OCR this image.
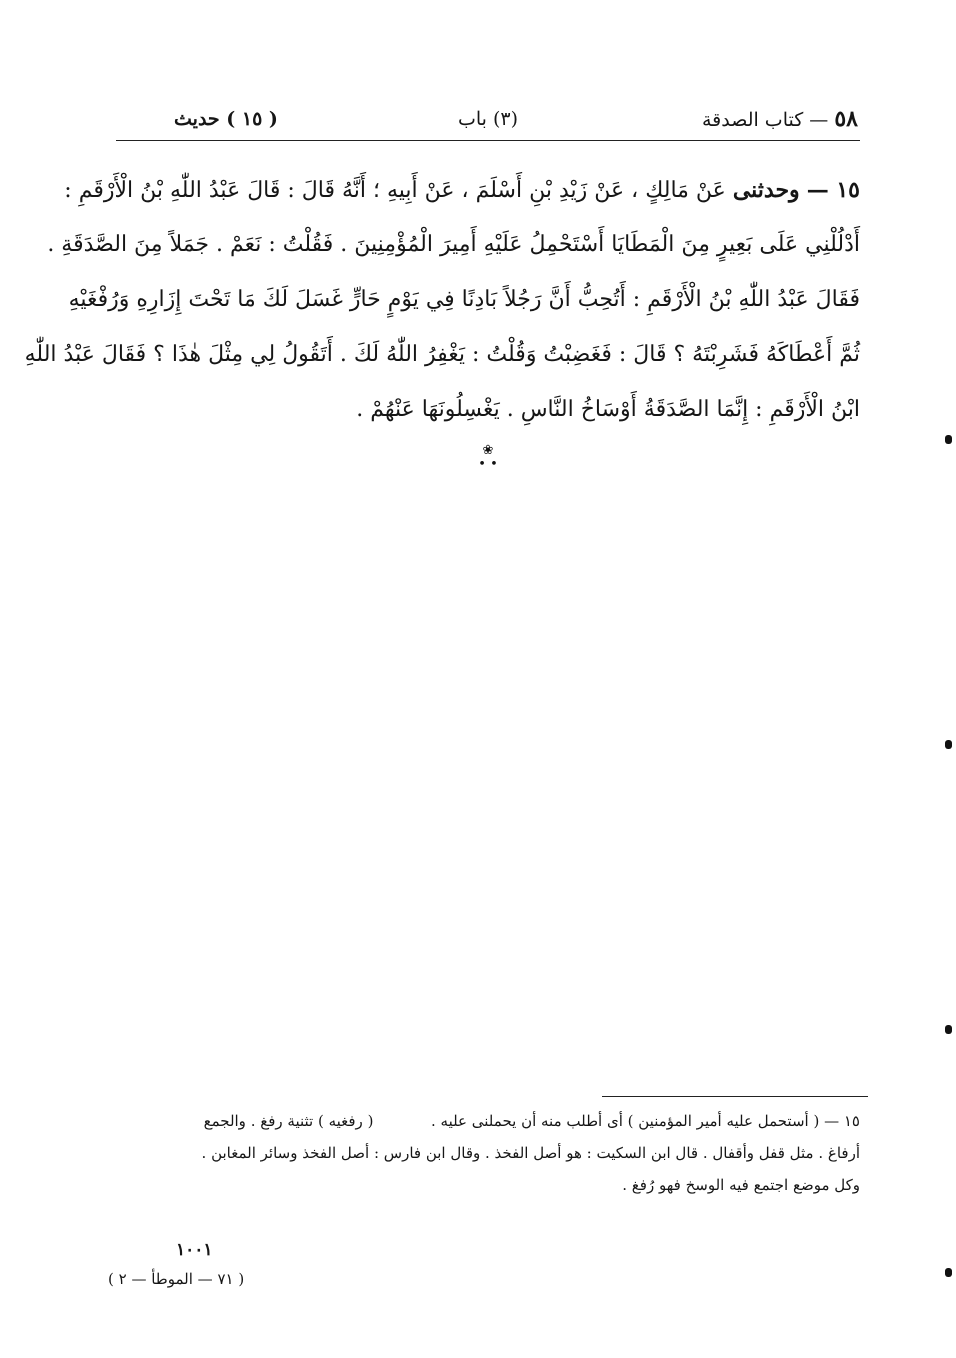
٥٨ — كتاب الصدقة
(٣) باب
( ١٥ ) حديث
١٥ — وحدثنى عَنْ مَالِكٍ ، عَنْ زَيْدِ بْنِ أَسْلَمَ ، عَنْ أَبِيهِ ؛ أَنَّهُ قَالَ : قَالَ عَبْدُ اللّٰهِ بْنُ الْأَرْقَمِ :
أَدْلُلْنِي عَلَى بَعِيرٍ مِنَ الْمَطَايَا أَسْتَحْمِلُ عَلَيْهِ أَمِيرَ الْمُؤْمِنِينَ . فَقُلْتُ : نَعَمْ . جَمَلاً مِنَ الصَّدَقَةِ .
فَقَالَ عَبْدُ اللّٰهِ بْنُ الْأَرْقَمِ : أَتُحِبُّ أَنَّ رَجُلاً بَادِنًا فِي يَوْمٍ حَارٍّ غَسَلَ لَكَ مَا تَحْتَ إِزَارِهِ وَرُفْغَيْهِ
ثُمَّ أَعْطَاكَهُ فَشَرِبْتَهُ ؟ قَالَ : فَغَضِبْتُ وَقُلْتُ : يَغْفِرُ اللّٰهُ لَكَ . أَتَقُولُ لِي مِثْلَ هٰذَا ؟ فَقَالَ عَبْدُ اللّٰهِ
ابْنُ الْأَرْقَمِ : إِنَّمَا الصَّدَقَةُ أَوْسَاخُ النَّاسِ . يَغْسِلُونَهَا عَنْهُمْ .
❀
• •
١٥ — ( أستحمل عليه أمير المؤمنين ) أى أطلب منه أن يحملنى عليه .  ( رفغيه ) تثنية رفغ . والجمع
أرفاغ . مثل قفل وأقفال . قال ابن السكيت : هو أصل الفخذ . وقال ابن فارس : أصل الفخذ وسائر المغابن .
وكل موضع اجتمع فيه الوسخ فهو رُفغ .
١٠٠١
( ٧١ — الموطأ — ٢ )
